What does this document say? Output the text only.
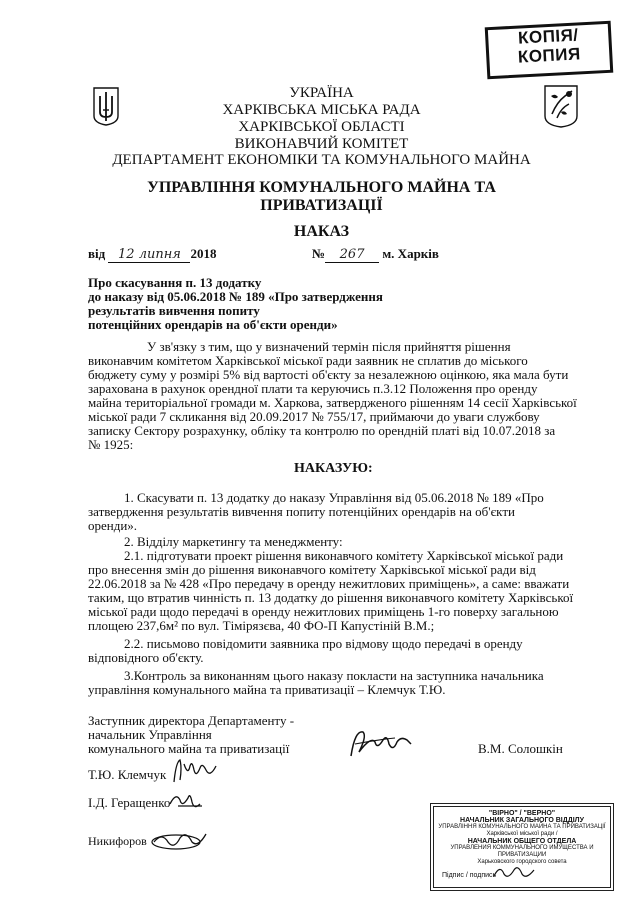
КОПІЯ/
КОПИЯ
УКРАЇНА
ХАРКІВСЬКА МІСЬКА РАДА
ХАРКІВСЬКОЇ ОБЛАСТІ
ВИКОНАВЧИЙ КОМІТЕТ
ДЕПАРТАМЕНТ ЕКОНОМІКИ ТА КОМУНАЛЬНОГО МАЙНА
УПРАВЛІННЯ КОМУНАЛЬНОГО МАЙНА ТА
ПРИВАТИЗАЦІЇ
НАКАЗ
від 12 липня 2018	№ 267 м. Харків
Про скасування п. 13 додатку
до наказу від 05.06.2018 № 189 «Про затвердження
результатів вивчення попиту
потенційних орендарів на об'єкти оренди»
У зв'язку з тим, що у визначений термін після прийняття рішення
виконавчим комітетом Харківської міської ради заявник не сплатив до міського
бюджету суму у розмірі 5% від вартості об'єкту за незалежною оцінкою, яка мала бути
зарахована в рахунок орендної плати та керуючись п.3.12 Положення про оренду
майна територіальної громади м. Харкова, затвердженого рішенням 14 сесії Харківської
міської ради 7 скликання від 20.09.2017 № 755/17, приймаючи до уваги службову
записку Сектору розрахунку, обліку та контролю по орендній платі від 10.07.2018 за
№ 1925:
НАКАЗУЮ:
1. Скасувати п. 13 додатку до наказу Управління від 05.06.2018 № 189 «Про
затвердження результатів вивчення попиту потенційних орендарів на об'єкти
оренди».
2. Відділу маркетингу та менеджменту:
2.1. підготувати проект рішення виконавчого комітету Харківської міської ради
про внесення змін до рішення виконавчого комітету Харківської міської ради від
22.06.2018 за № 428 «Про передачу в оренду нежитлових приміщень», а саме: вважати
таким, що втратив чинність п. 13 додатку до рішення виконавчого комітету Харківської
міської ради щодо передачі в оренду нежитлових приміщень 1-го поверху загальною
площею 237,6м² по вул. Тімірязєва, 40 ФО-П Капустіній В.М.;
2.2. письмово повідомити заявника про відмову щодо передачі в оренду
відповідного об'єкту.
3.Контроль за виконанням цього наказу покласти на заступника начальника
управління комунального майна та приватизації – Клемчук Т.Ю.
Заступник директора Департаменту -
начальник Управління
комунального майна та приватизації	В.М. Солошкін
Т.Ю. Клемчук
І.Д. Геращенко
Никифоров
"ВІРНО" / "ВЕРНО"
НАЧАЛЬНИК ЗАГАЛЬНОГО ВІДДІЛУ
УПРАВЛІННЯ КОМУНАЛЬНОГО МАЙНА ТА ПРИВАТИЗАЦІЇ
Харківської міської ради /
НАЧАЛЬНИК ОБЩЕГО ОТДЕЛА
УПРАВЛЕНИЯ КОММУНАЛЬНОГО ИМУЩЕСТВА И ПРИВАТИЗАЦИИ
Харьковского городского совета
Підпис / подпись
